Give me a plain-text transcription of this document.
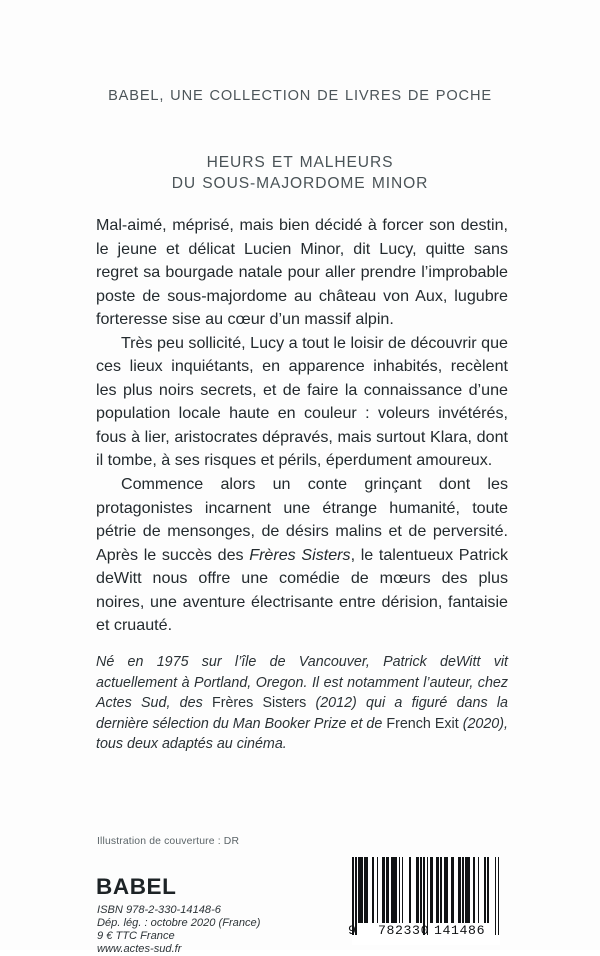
BABEL, UNE COLLECTION DE LIVRES DE POCHE
HEURS ET MALHEURS
DU SOUS-MAJORDOME MINOR

Mal-aimé, méprisé, mais bien décidé à forcer son destin, le jeune et délicat Lucien Minor, dit Lucy, quitte sans regret sa bourgade natale pour aller prendre l’improbable poste de sous-majordome au château von Aux, lugubre forteresse sise au cœur d’un massif alpin.

Très peu sollicité, Lucy a tout le loisir de découvrir que ces lieux inquiétants, en apparence inhabités, recèlent les plus noirs secrets, et de faire la connaissance d’une population locale haute en couleur : voleurs invétérés, fous à lier, aristocrates dépravés, mais surtout Klara, dont il tombe, à ses risques et périls, éperdument amoureux.

Commence alors un conte grinçant dont les protagonistes incarnent une étrange humanité, toute pétrie de mensonges, de désirs malins et de perversité. Après le succès des Frères Sisters, le talentueux Patrick deWitt nous offre une comédie de mœurs des plus noires, une aventure électrisante entre dérision, fantaisie et cruauté.

Né en 1975 sur l’île de Vancouver, Patrick deWitt vit actuellement à Portland, Oregon. Il est notamment l’auteur, chez Actes Sud, des Frères Sisters (2012) qui a figuré dans la dernière sélection du Man Booker Prize et de French Exit (2020), tous deux adaptés au cinéma.

Illustration de couverture : DR
BABEL
ISBN 978-2-330-14148-6
Dép. lég. : octobre 2020 (France)
9 € TTC France
www.actes-sud.fr
9 782330 141486
